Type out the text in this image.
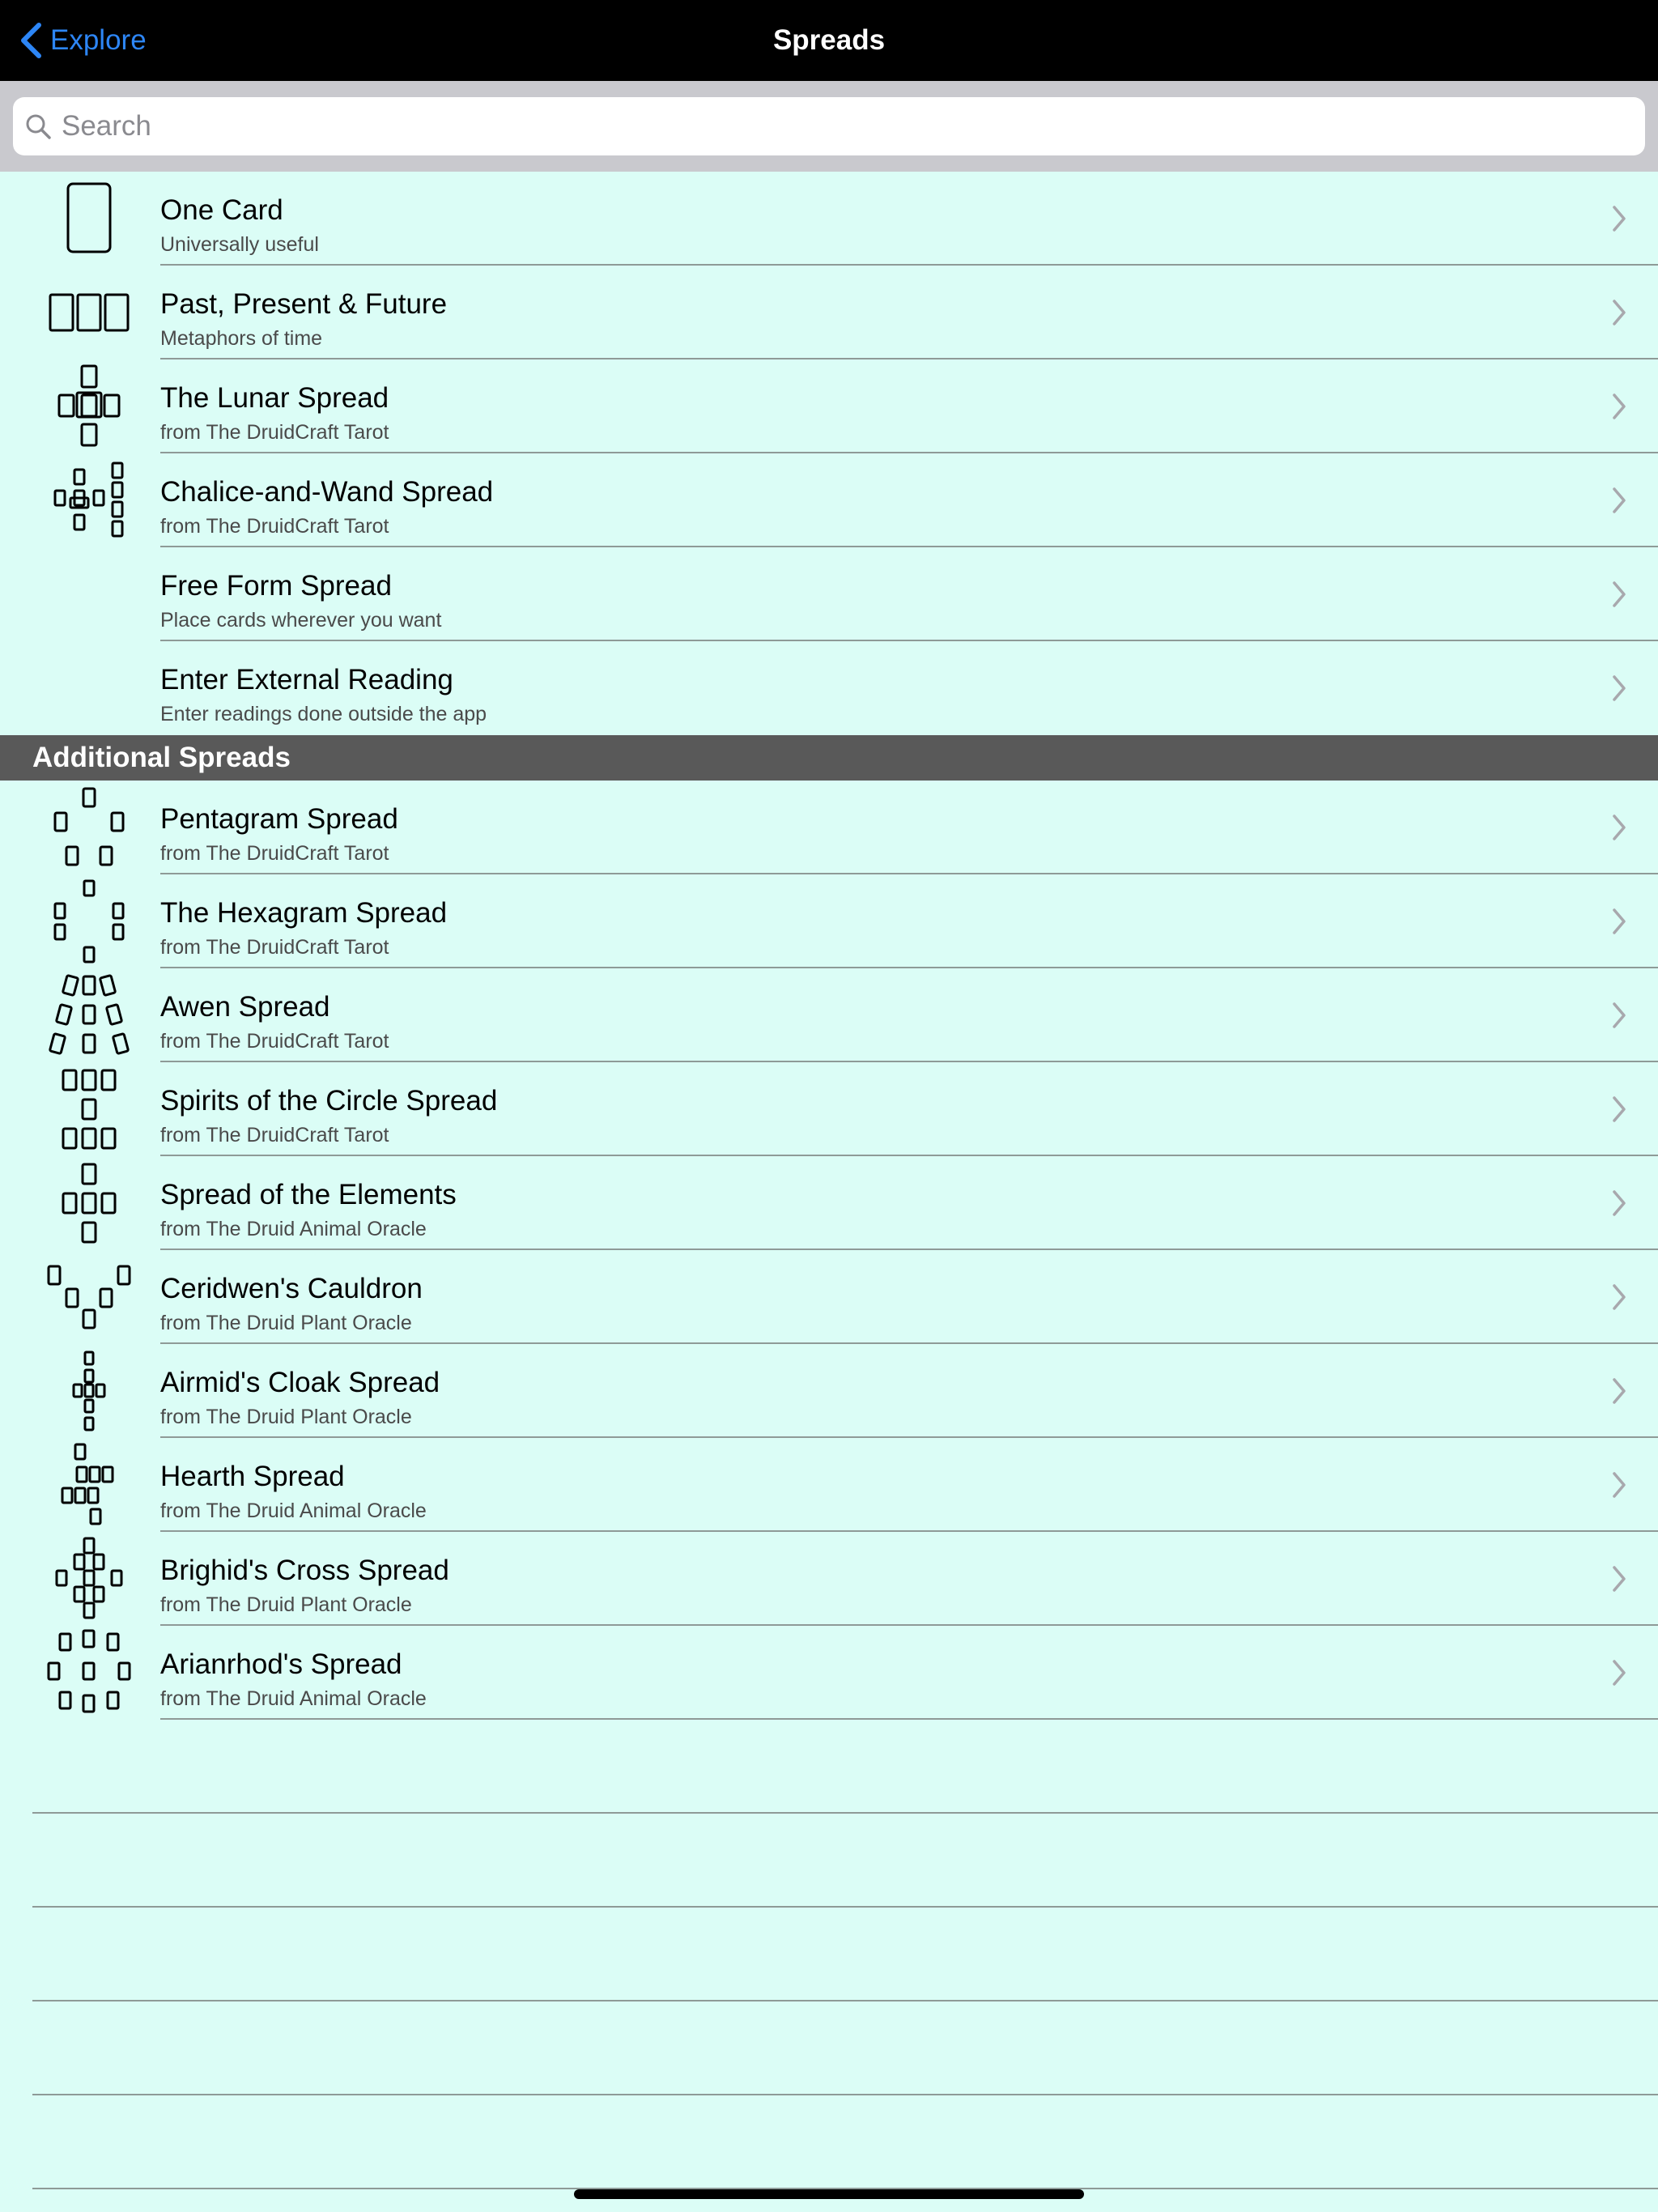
Explore	Spreads
Search
One Card
Universally useful
Past, Present & Future
Metaphors of time
The Lunar Spread
from The DruidCraft Tarot
Chalice-and-Wand Spread
from The DruidCraft Tarot
Free Form Spread
Place cards wherever you want
Enter External Reading
Enter readings done outside the app
Additional Spreads
Pentagram Spread
from The DruidCraft Tarot
The Hexagram Spread
from The DruidCraft Tarot
Awen Spread
from The DruidCraft Tarot
Spirits of the Circle Spread
from The DruidCraft Tarot
Spread of the Elements
from The Druid Animal Oracle
Ceridwen's Cauldron
from The Druid Plant Oracle
Airmid's Cloak Spread
from The Druid Plant Oracle
Hearth Spread
from The Druid Animal Oracle
Brighid's Cross Spread
from The Druid Plant Oracle
Arianrhod's Spread
from The Druid Animal Oracle
